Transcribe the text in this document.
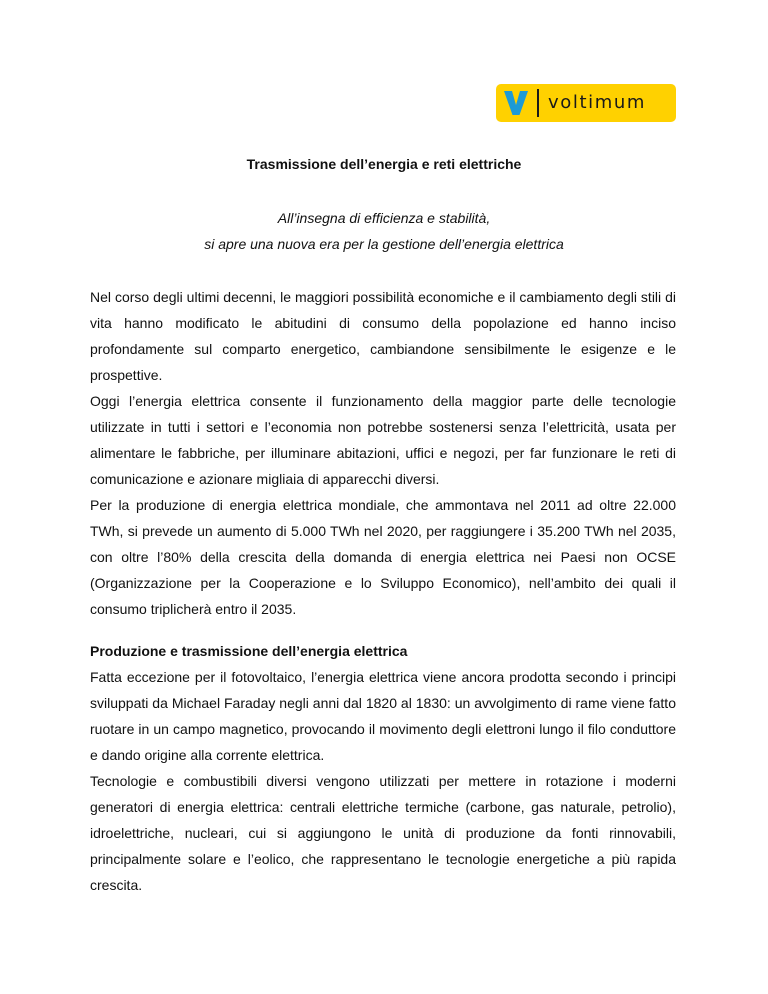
voltimum
Trasmissione dell’energia e reti elettriche
All’insegna di efficienza e stabilità,
si apre una nuova era per la gestione dell’energia elettrica

Nel corso degli ultimi decenni, le maggiori possibilità economiche e il cambiamento degli stili di vita hanno modificato le abitudini di consumo della popolazione ed hanno inciso profondamente sul comparto energetico, cambiandone sensibilmente le esigenze e le prospettive.

Oggi l’energia elettrica consente il funzionamento della maggior parte delle tecnologie utilizzate in tutti i settori e l’economia non potrebbe sostenersi senza l’elettricità, usata per alimentare le fabbriche, per illuminare abitazioni, uffici e negozi, per far funzionare le reti di comunicazione e azionare migliaia di apparecchi diversi.

Per la produzione di energia elettrica mondiale, che ammontava nel 2011 ad oltre 22.000 TWh, si prevede un aumento di 5.000 TWh nel 2020, per raggiungere i 35.200 TWh nel 2035, con oltre l’80% della crescita della domanda di energia elettrica nei Paesi non OCSE (Organizzazione per la Cooperazione e lo Sviluppo Economico), nell’ambito dei quali il consumo triplicherà entro il 2035.

Produzione e trasmissione dell’energia elettrica

Fatta eccezione per il fotovoltaico, l’energia elettrica viene ancora prodotta secondo i principi sviluppati da Michael Faraday negli anni dal 1820 al 1830: un avvolgimento di rame viene fatto ruotare in un campo magnetico, provocando il movimento degli elettroni lungo il filo conduttore e dando origine alla corrente elettrica.

Tecnologie e combustibili diversi vengono utilizzati per mettere in rotazione i moderni generatori di energia elettrica: centrali elettriche termiche (carbone, gas naturale, petrolio), idroelettriche, nucleari, cui si aggiungono le unità di produzione da fonti rinnovabili, principalmente solare e l’eolico, che rappresentano le tecnologie energetiche a più rapida crescita.
